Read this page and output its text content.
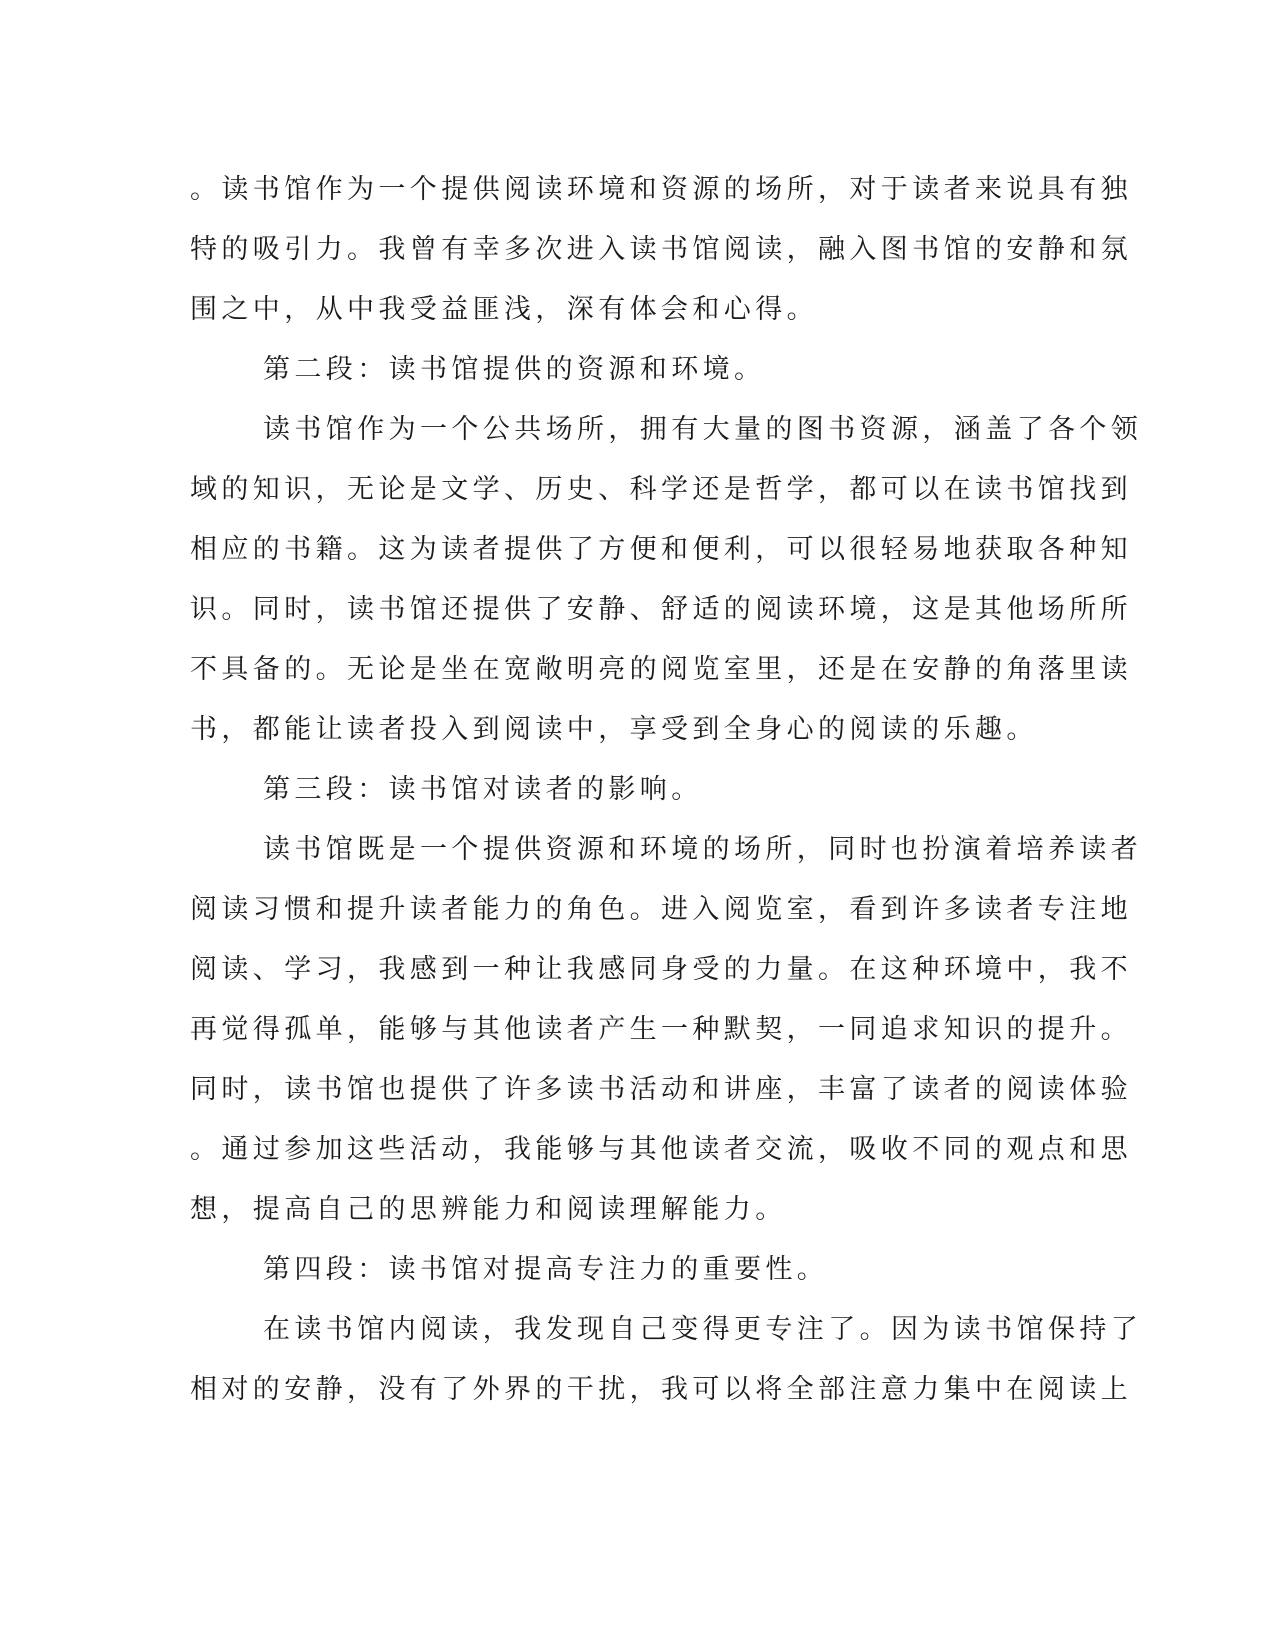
。读书馆作为一个提供阅读环境和资源的场所，对于读者来说具有独
特的吸引力。我曾有幸多次进入读书馆阅读，融入图书馆的安静和氛
围之中，从中我受益匪浅，深有体会和心得。
第二段：读书馆提供的资源和环境。
读书馆作为一个公共场所，拥有大量的图书资源，涵盖了各个领
域的知识，无论是文学、历史、科学还是哲学，都可以在读书馆找到
相应的书籍。这为读者提供了方便和便利，可以很轻易地获取各种知
识。同时，读书馆还提供了安静、舒适的阅读环境，这是其他场所所
不具备的。无论是坐在宽敞明亮的阅览室里，还是在安静的角落里读
书，都能让读者投入到阅读中，享受到全身心的阅读的乐趣。
第三段：读书馆对读者的影响。
读书馆既是一个提供资源和环境的场所，同时也扮演着培养读者
阅读习惯和提升读者能力的角色。进入阅览室，看到许多读者专注地
阅读、学习，我感到一种让我感同身受的力量。在这种环境中，我不
再觉得孤单，能够与其他读者产生一种默契，一同追求知识的提升。
同时，读书馆也提供了许多读书活动和讲座，丰富了读者的阅读体验
。通过参加这些活动，我能够与其他读者交流，吸收不同的观点和思
想，提高自己的思辨能力和阅读理解能力。
第四段：读书馆对提高专注力的重要性。
在读书馆内阅读，我发现自己变得更专注了。因为读书馆保持了
相对的安静，没有了外界的干扰，我可以将全部注意力集中在阅读上
